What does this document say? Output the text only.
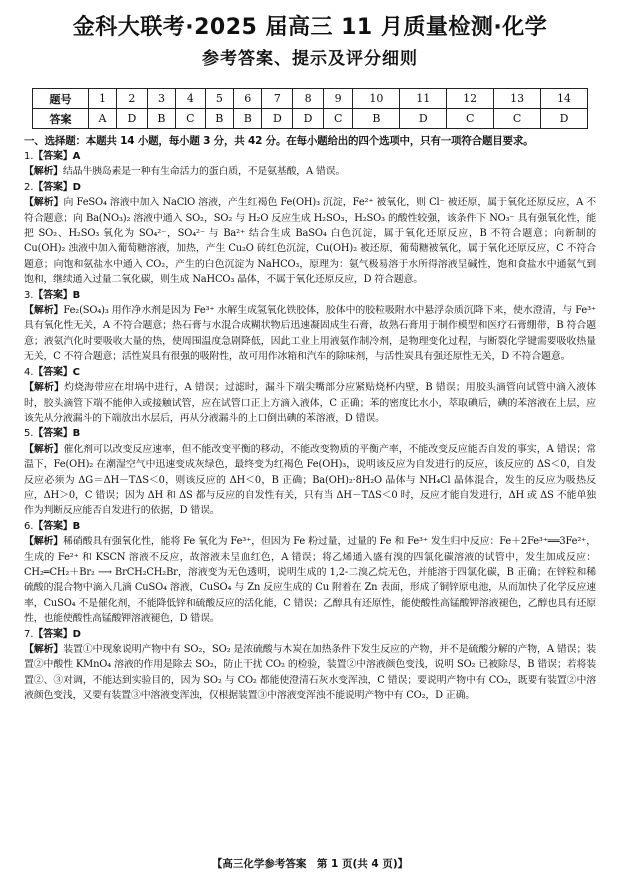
金科大联考·2025 届高三 11 月质量检测·化学
参考答案、提示及评分细则
题号	1	2	3	4	5	6	7	8	9	10	11	12	13	14
答案	A	D	B	C	B	B	D	D	C	B	D	C	C	D
一、选择题：本题共 14 小题，每小题 3 分，共 42 分。在每小题给出的四个选项中，只有一项符合题目要求。
1.【答案】A
【解析】结晶牛胰岛素是一种有生命活力的蛋白质，不是氨基酸，A 错误。
2.【答案】D
【解析】向 FeSO₄ 溶液中加入 NaClO 溶液，产生红褐色 Fe(OH)₃ 沉淀，Fe²⁺ 被氧化，则 Cl⁻ 被还原，属于氧化还原反应，A 不符合题意；向 Ba(NO₃)₂ 溶液中通入 SO₂，SO₂ 与 H₂O 反应生成 H₂SO₃，H₂SO₃ 的酸性较强，该条件下 NO₃⁻ 具有强氧化性，能把 SO₂、H₂SO₃ 氧化为 SO₄²⁻，SO₄²⁻ 与 Ba²⁺ 结合生成 BaSO₄ 白色沉淀，属于氧化还原反应，B 不符合题意；向新制的 Cu(OH)₂ 浊液中加入葡萄糖溶液，加热，产生 Cu₂O 砖红色沉淀，Cu(OH)₂ 被还原，葡萄糖被氧化，属于氧化还原反应，C 不符合题意；向饱和氨盐水中通入 CO₂，产生的白色沉淀为 NaHCO₃，原理为：氨气极易溶于水所得溶液呈碱性，饱和食盐水中通氨气到饱和，继续通入过量二氧化碳，则生成 NaHCO₃ 晶体，不属于氧化还原反应，D 符合题意。
3.【答案】B
【解析】Fe₂(SO₄)₃ 用作净水剂是因为 Fe³⁺ 水解生成氢氧化铁胶体，胶体中的胶粒吸附水中悬浮杂质沉降下来，使水澄清，与 Fe³⁺ 具有氧化性无关，A 不符合题意；热石膏与水混合成糊状物后迅速凝固成生石膏，故熟石膏用于制作模型和医疗石膏绷带，B 符合题意；液氨汽化时要吸收大量的热，使周围温度急剧降低，因此工业上用液氨作制冷剂，是物理变化过程，与断裂化学键需要吸收热量无关，C 不符合题意；活性炭具有很强的吸附性，故可用作冰箱和汽车的除味剂，与活性炭具有强还原性无关，D 不符合题意。
4.【答案】C
【解析】灼烧海带应在坩埚中进行，A 错误；过滤时，漏斗下端尖嘴部分应紧贴烧杯内壁，B 错误；用胶头滴管向试管中滴入液体时，胶头滴管下端不能伸入或接触试管，应在试管口正上方滴入液体，C 正确；苯的密度比水小，萃取碘后，碘的苯溶液在上层，应该先从分液漏斗的下端放出水层后，再从分液漏斗的上口倒出碘的苯溶液，D 错误。
5.【答案】B
【解析】催化剂可以改变反应速率，但不能改变平衡的移动，不能改变物质的平衡产率，不能改变反应能否自发的事实，A 错误；常温下，Fe(OH)₂ 在潮湿空气中迅速变成灰绿色，最终变为红褐色 Fe(OH)₃，说明该反应为自发进行的反应，该反应的 ΔS＜0，自发反应必须为 ΔG＝ΔH－TΔS＜0，则该反应的 ΔH＜0，B 正确；Ba(OH)₂·8H₂O 晶体与 NH₄Cl 晶体混合，发生的反应为吸热反应，ΔH＞0，C 错误；因为 ΔH 和 ΔS 都与反应的自发性有关，只有当 ΔH－TΔS＜0 时，反应才能自发进行，ΔH 或 ΔS 不能单独作为判断反应能否自发进行的依据，D 错误。
6.【答案】B
【解析】稀硝酸具有强氧化性，能将 Fe 氧化为 Fe³⁺，但因为 Fe 粉过量，过量的 Fe 和 Fe³⁺ 发生归中反应：Fe＋2Fe³⁺══3Fe²⁺，生成的 Fe²⁺ 和 KSCN 溶液不反应，故溶液未呈血红色，A 错误；将乙烯通入盛有溴的四氯化碳溶液的试管中，发生加成反应：CH₂═CH₂＋Br₂ ⟶ BrCH₂CH₂Br，溶液变为无色透明，说明生成的 1,2-二溴乙烷无色，并能溶于四氯化碳，B 正确；在锌粒和稀硫酸的混合物中滴入几滴 CuSO₄ 溶液，CuSO₄ 与 Zn 反应生成的 Cu 附着在 Zn 表面，形成了铜锌原电池，从而加快了化学反应速率，CuSO₄ 不是催化剂，不能降低锌和硫酸反应的活化能，C 错误；乙醇具有还原性，能使酸性高锰酸钾溶液褪色，乙醇也具有还原性，也能使酸性高锰酸钾溶液褪色，D 错误。
7.【答案】D
【解析】装置①中现象说明产物中有 SO₂，SO₂ 是浓硫酸与木炭在加热条件下发生反应的产物，并不是硫酸分解的产物，A 错误；装置②中酸性 KMnO₄ 溶液的作用是除去 SO₂，防止干扰 CO₂ 的检验，装置②中溶液颜色变浅，说明 SO₂ 已被除尽，B 错误；若将装置②、③对调，不能达到实验目的，因为 SO₂ 与 CO₂ 都能使澄清石灰水变浑浊，C 错误；要说明产物中有 CO₂，既要有装置②中溶液颜色变浅，又要有装置③中溶液变浑浊，仅根据装置③中溶液变浑浊不能说明产物中有 CO₂，D 正确。
【高三化学参考答案　第 1 页(共 4 页)】
